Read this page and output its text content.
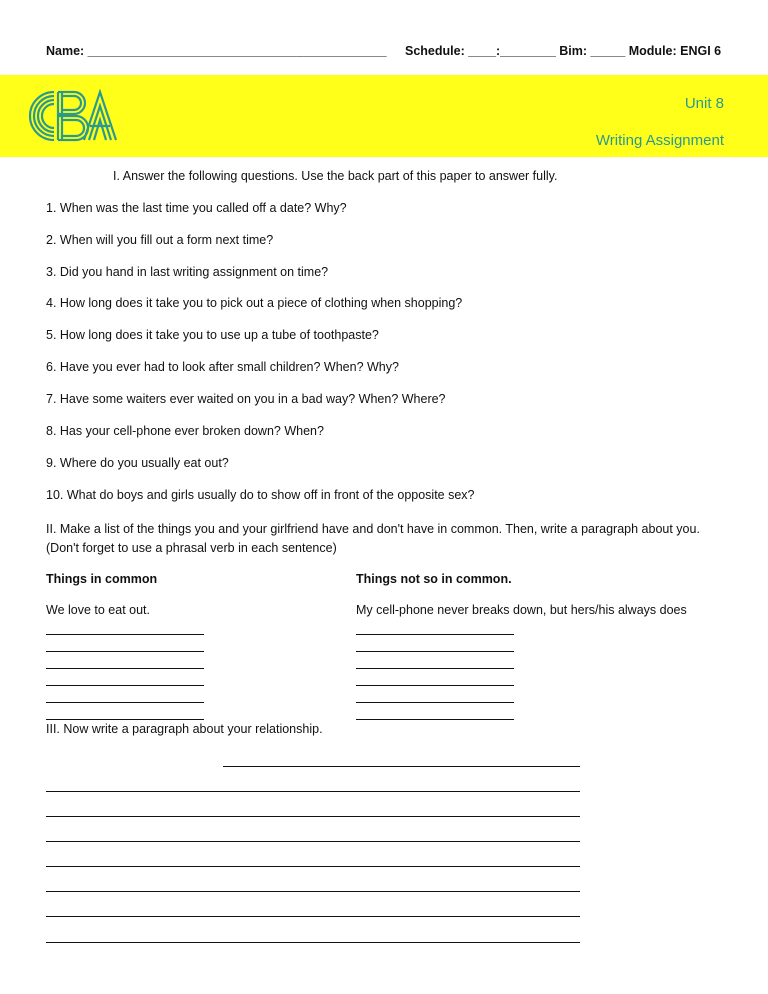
Name: ___________________________________________ Schedule: ____:________ Bim: _____ Module: ENGI 6
Unit 8
Writing Assignment
I. Answer the following questions. Use the back part of this paper to answer fully.
1. When was the last time you called off a date? Why?
2. When will you fill out a form next time?
3. Did you hand in last writing assignment on time?
4. How long does it take you to pick out a piece of clothing when shopping?
5. How long does it take you to use up a tube of toothpaste?
6. Have you ever had to look after small children? When? Why?
7. Have some waiters ever waited on you in a bad way? When? Where?
8. Has your cell-phone ever broken down? When?
9. Where do you usually eat out?
10. What do boys and girls usually do to show off in front of the opposite sex?
II. Make a list of the things you and your girlfriend have and don't have in common. Then, write a paragraph about you. (Don't forget to use a phrasal verb in each sentence)
Things in common	Things not so in common.
We love to eat out.	My cell-phone never breaks down, but hers/his always does
III. Now write a paragraph about your relationship.
